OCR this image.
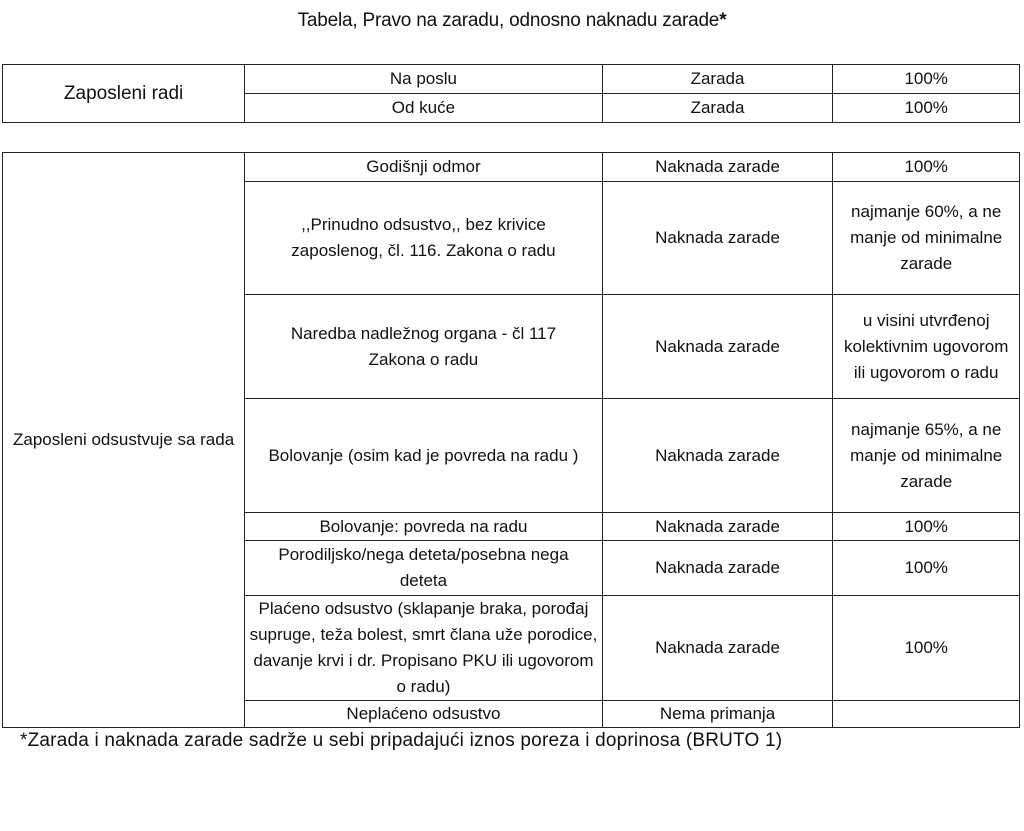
Tabela, Pravo na zaradu, odnosno naknadu zarade*
Zaposleni radi	Na poslu	Zarada	100%
	Od kuće	Zarada	100%
Zaposleni odsustvuje sa rada	Godišnji odmor	Naknada zarade	100%
	,,Prinudno odsustvo,, bez krivice zaposlenog, čl. 116. Zakona o radu	Naknada zarade	najmanje 60%, a ne manje od minimalne zarade
	Naredba nadležnog organa - čl 117 Zakona o radu	Naknada zarade	u visini utvrđenoj kolektivnim ugovorom ili ugovorom o radu
	Bolovanje (osim kad je povreda na radu )	Naknada zarade	najmanje 65%, a ne manje od minimalne zarade
	Bolovanje: povreda na radu	Naknada zarade	100%
	Porodiljsko/nega deteta/posebna nega deteta	Naknada zarade	100%
	Plaćeno odsustvo (sklapanje braka, porođaj supruge, teža bolest, smrt člana uže porodice, davanje krvi i dr. Propisano PKU ili ugovorom o radu)	Naknada zarade	100%
	Neplaćeno odsustvo	Nema primanja	
*Zarada i naknada zarade sadrže u sebi pripadajući iznos poreza i doprinosa (BRUTO 1)
